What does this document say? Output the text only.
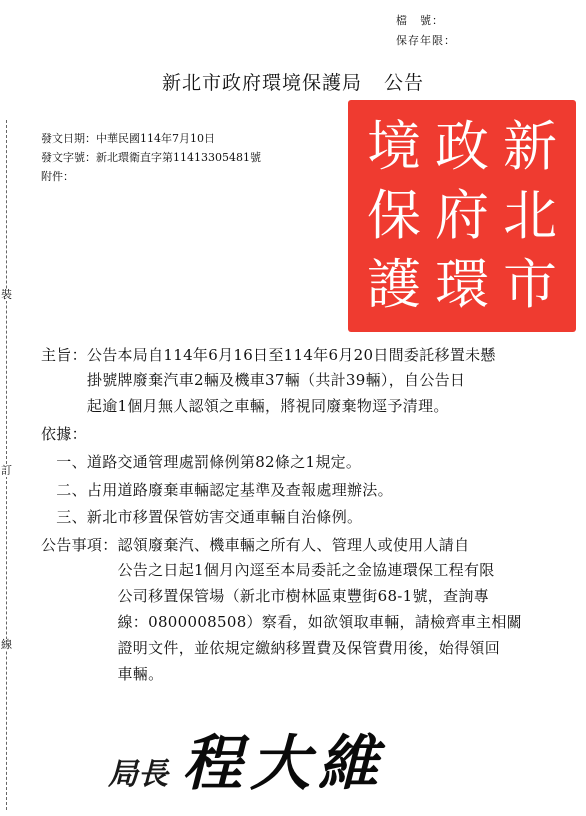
檔　號：
保存年限：
新北市政府環境保護局 公告
發文日期：中華民國114年7月10日
發文字號：新北環衛直字第11413305481號
附件：	新
北
市
政
府
環
境
保
護
裝
訂
線
主旨：公告本局自114年6月16日至114年6月20日間委託移置未懸
　　　掛號牌廢棄汽車2輛及機車37輛（共計39輛），自公告日
　　　起逾1個月無人認領之車輛，將視同廢棄物逕予清理。
依據：
　一、道路交通管理處罰條例第82條之1規定。
　二、占用道路廢棄車輛認定基準及查報處理辦法。
　三、新北市移置保管妨害交通車輛自治條例。
公告事項：認領廢棄汽、機車輛之所有人、管理人或使用人請自
　　　　　公告之日起1個月內逕至本局委託之金協連環保工程有限
　　　　　公司移置保管場（新北市樹林區東豐街68-1號，查詢專
　　　　　線：0800008508）察看，如欲領取車輛，請檢齊車主相關
　　　　　證明文件，並依規定繳納移置費及保管費用後，始得領回
　　　　　車輛。
局長 程大維
